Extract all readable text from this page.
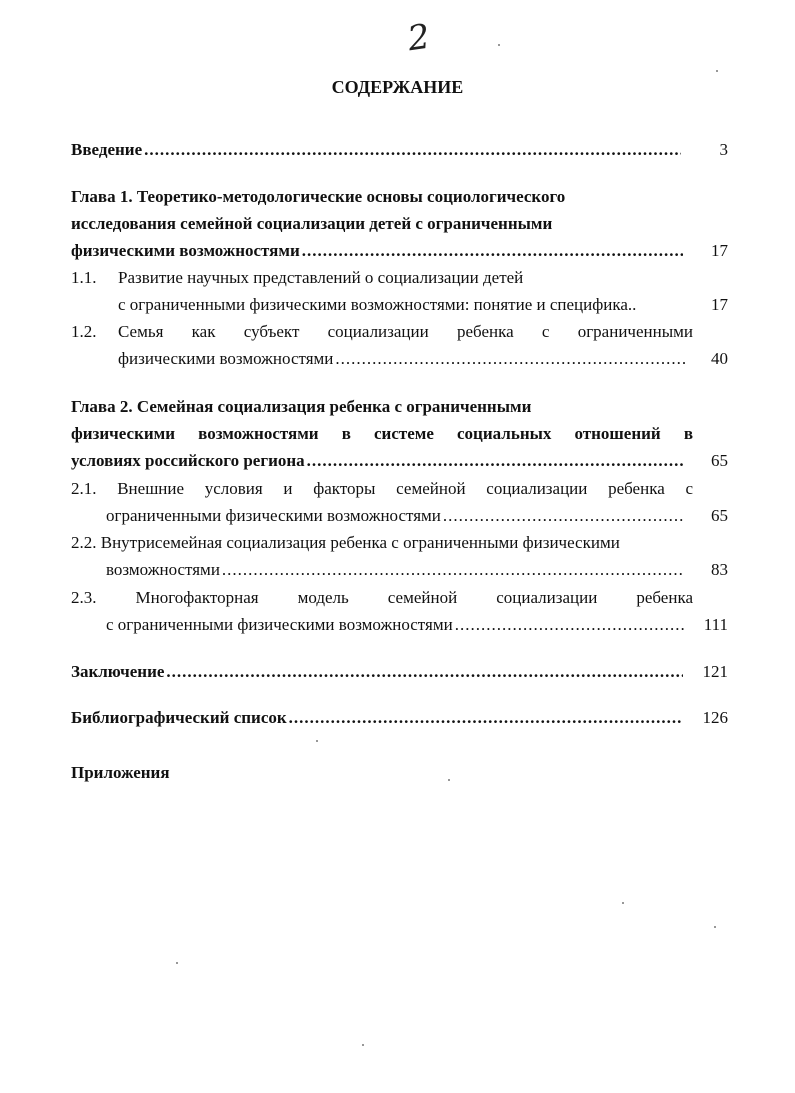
2
СОДЕРЖАНИЕ
Введение .....	3
Глава 1. Теоретико-методологические основы социологического
исследования семейной социализации детей с ограниченными
физическими возможностями .....	17
1.1. Развитие научных представлений о социализации детей
с ограниченными физическими возможностями: понятие и специфика..	17
1.2. Семья как субъект социализации ребенка с ограниченными
физическими возможностями .....	40
Глава 2. Семейная социализация ребенка с ограниченными
физическими возможностями в системе социальных отношений в
условиях российского региона .....	65
2.1. Внешние условия и факторы семейной социализации ребенка с
ограниченными физическими возможностями .....	65
2.2. Внутрисемейная социализация ребенка с ограниченными физическими
возможностями .....	83
2.3. Многофакторная модель семейной социализации ребенка
с ограниченными физическими возможностями .....	111
Заключение .....	121
Библиографический список .....	126
Приложения
